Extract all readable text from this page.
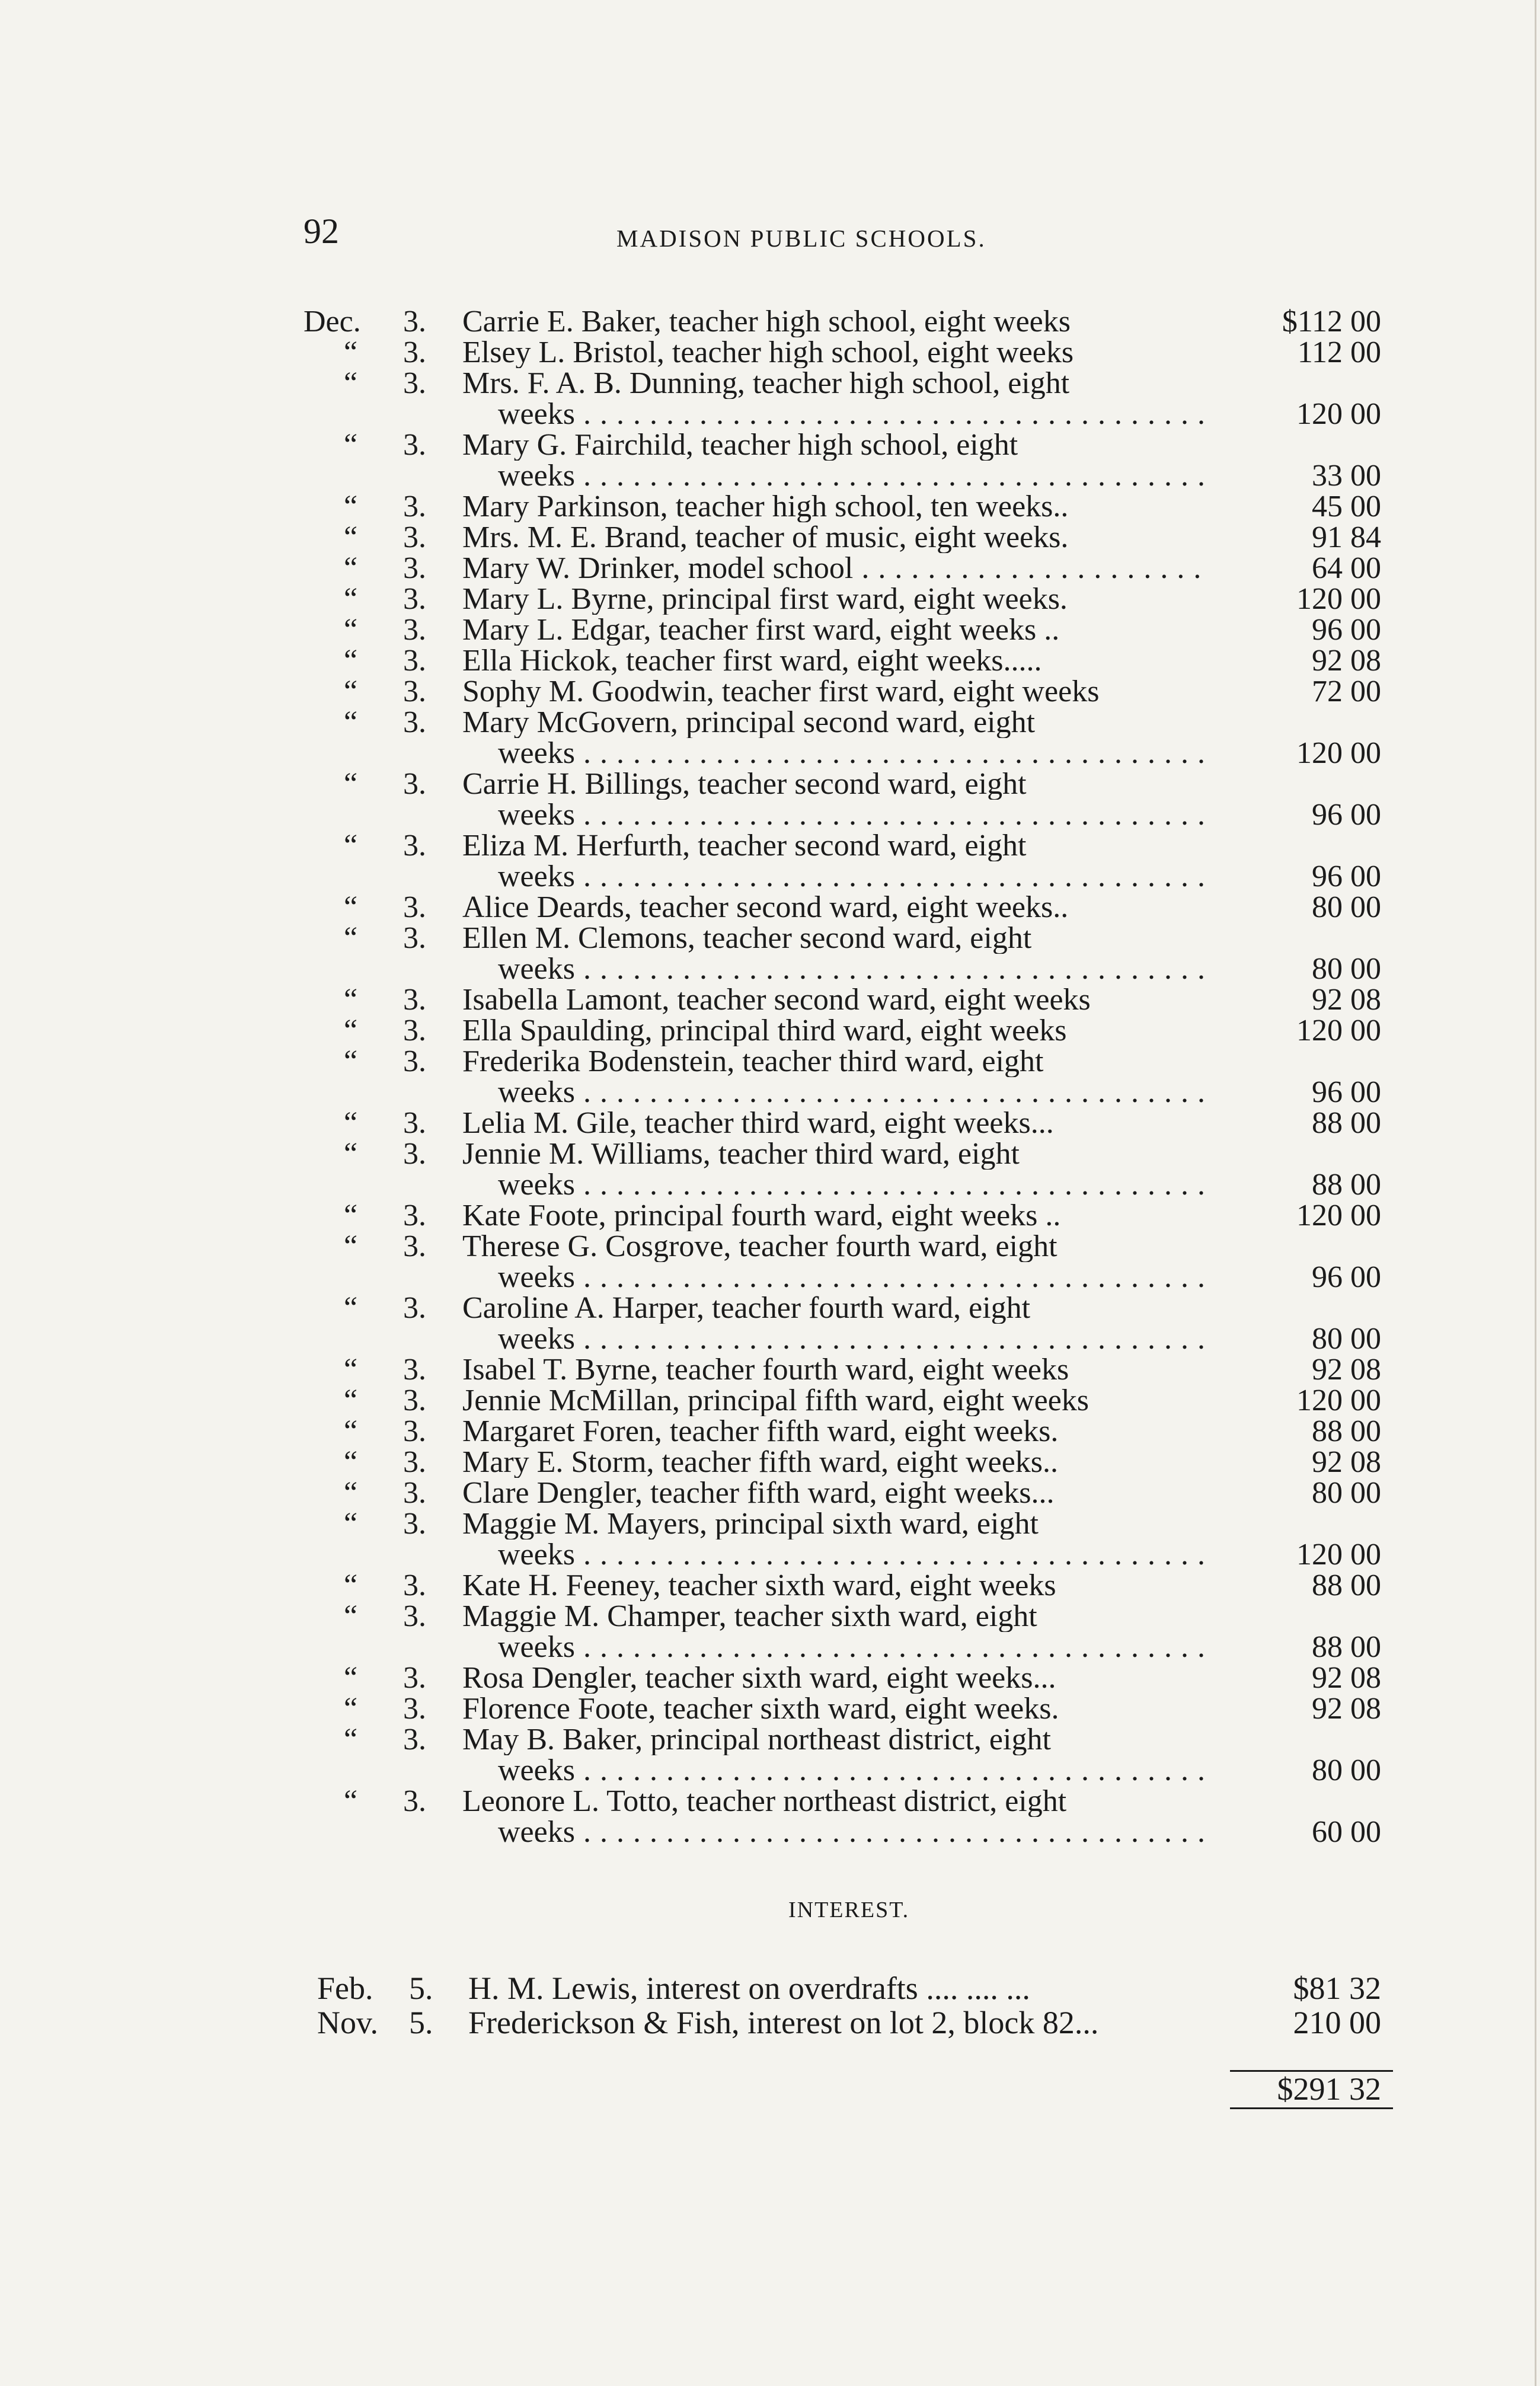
92	MADISON PUBLIC SCHOOLS.
Dec. 3. Carrie E. Baker, teacher high school, eight weeks	$112 00
“ 3. Elsey L. Bristol, teacher high school, eight weeks	112 00
“ 3. Mrs. F. A. B. Dunning, teacher high school, eight
weeks . . .	120 00
“ 3. Mary G. Fairchild, teacher high school, eight
weeks . . .	33 00
“ 3. Mary Parkinson, teacher high school, ten weeks..	45 00
“ 3. Mrs. M. E. Brand, teacher of music, eight weeks.	91 84
“ 3. Mary W. Drinker, model school . . .	64 00
“ 3. Mary L. Byrne, principal first ward, eight weeks.	120 00
“ 3. Mary L. Edgar, teacher first ward, eight weeks ..	96 00
“ 3. Ella Hickok, teacher first ward, eight weeks.....	92 08
“ 3. Sophy M. Goodwin, teacher first ward, eight weeks	72 00
“ 3. Mary McGovern, principal second ward, eight
weeks . . .	120 00
“ 3. Carrie H. Billings, teacher second ward, eight
weeks . . .	96 00
“ 3. Eliza M. Herfurth, teacher second ward, eight
weeks . . .	96 00
“ 3. Alice Deards, teacher second ward, eight weeks..	80 00
“ 3. Ellen M. Clemons, teacher second ward, eight
weeks . . .	80 00
“ 3. Isabella Lamont, teacher second ward, eight weeks	92 08
“ 3. Ella Spaulding, principal third ward, eight weeks	120 00
“ 3. Frederika Bodenstein, teacher third ward, eight
weeks . . .	96 00
“ 3. Lelia M. Gile, teacher third ward, eight weeks...	88 00
“ 3. Jennie M. Williams, teacher third ward, eight
weeks . . .	88 00
“ 3. Kate Foote, principal fourth ward, eight weeks ..	120 00
“ 3. Therese G. Cosgrove, teacher fourth ward, eight
weeks . . .	96 00
“ 3. Caroline A. Harper, teacher fourth ward, eight
weeks . . .	80 00
“ 3. Isabel T. Byrne, teacher fourth ward, eight weeks	92 08
“ 3. Jennie McMillan, principal fifth ward, eight weeks	120 00
“ 3. Margaret Foren, teacher fifth ward, eight weeks.	88 00
“ 3. Mary E. Storm, teacher fifth ward, eight weeks..	92 08
“ 3. Clare Dengler, teacher fifth ward, eight weeks...	80 00
“ 3. Maggie M. Mayers, principal sixth ward, eight
weeks . . .	120 00
“ 3. Kate H. Feeney, teacher sixth ward, eight weeks	88 00
“ 3. Maggie M. Champer, teacher sixth ward, eight
weeks . . .	88 00
“ 3. Rosa Dengler, teacher sixth ward, eight weeks...	92 08
“ 3. Florence Foote, teacher sixth ward, eight weeks.	92 08
“ 3. May B. Baker, principal northeast district, eight
weeks . . .	80 00
“ 3. Leonore L. Totto, teacher northeast district, eight
weeks . . .	60 00
INTEREST.
Feb. 5. H. M. Lewis, interest on overdrafts .... .... ...	$81 32
Nov. 5. Frederickson & Fish, interest on lot 2, block 82...	210 00
$291 32
